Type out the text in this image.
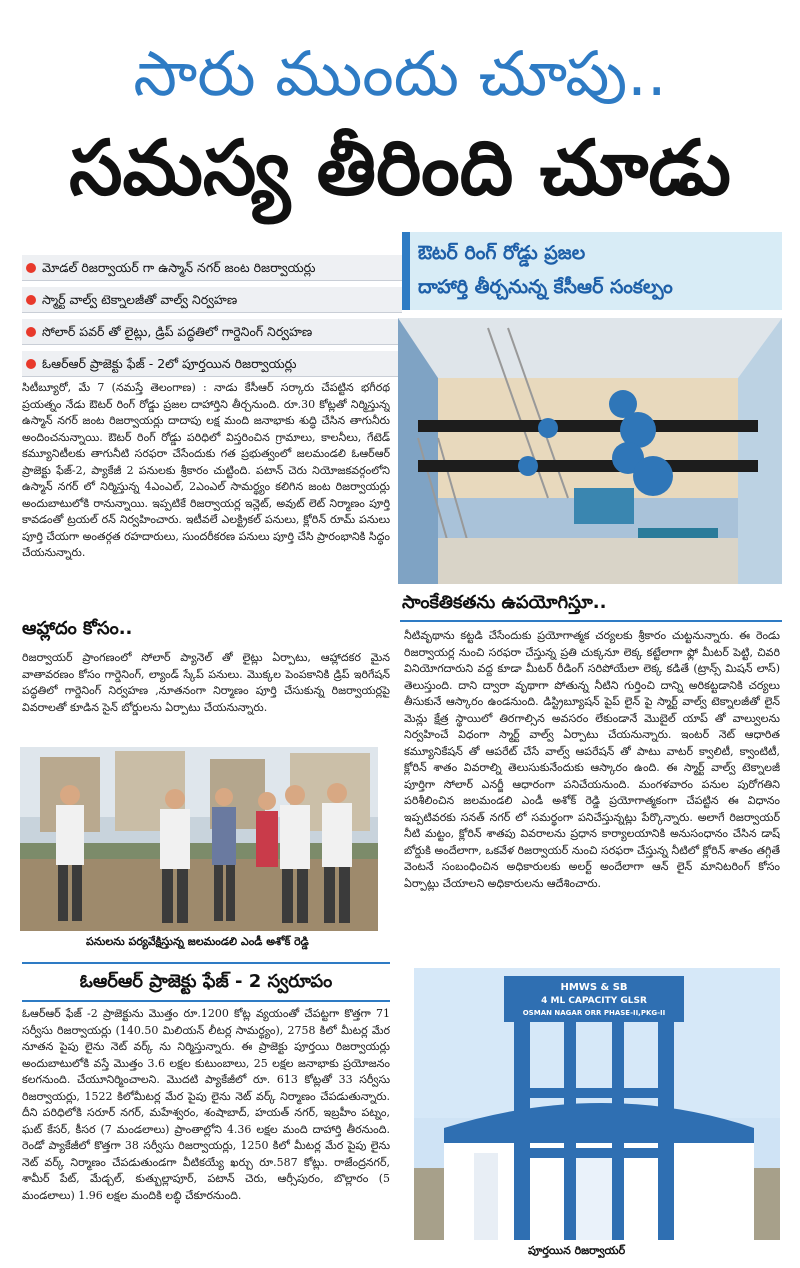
సారు ముందు చూపు..
సమస్య తీరింది చూడు
మోడల్ రిజర్వాయర్ గా ఉస్మాన్ నగర్ జంట రిజర్వాయర్లు
స్మార్ట్ వాల్వ్ టెక్నాలజీతో వాల్వ్ నిర్వహణ
సోలార్ పవర్ తో లైట్లు, డ్రిప్ పద్ధతిలో గార్డెనింగ్ నిర్వహణ
ఓఆర్ఆర్ ప్రాజెక్టు ఫేజ్ - 2లో పూర్తయిన రిజర్వాయర్లు
ఔటర్ రింగ్ రోడ్డు ప్రజల
దాహార్తి తీర్చనున్న కేసీఆర్ సంకల్పం

సిటీబ్యూరో, మే 7 (నమస్తే తెలంగాణ) : నాడు కేసీఆర్ సర్కారు చేపట్టిన భగీరథ ప్రయత్నం నేడు ఔటర్ రింగ్ రోడ్డు ప్రజల దాహార్తిని తీర్చనుంది. రూ.30 కోట్లతో నిర్మిస్తున్న ఉస్మాన్ నగర్ జంట రిజర్వాయర్లు దాదాపు లక్ష మంది జనాభాకు శుద్ధి చేసిన తాగునీరు అందించనున్నాయి. ఔటర్ రింగ్ రోడ్డు పరిధిలో విస్తరించిన గ్రామాలు, కాలనీలు, గేటెడ్ కమ్యూనిటీలకు తాగునీటి సరఫరా చేసేందుకు గత ప్రభుత్వంలో జలమండలి ఓఆర్ఆర్ ప్రాజెక్టు ఫేజ్-2, ప్యాకేజీ 2 పనులకు శ్రీకారం చుట్టింది. పటాన్ చెరు నియోజకవర్గంలోని ఉస్మాన్ నగర్ లో నిర్మిస్తున్న 4ఎంఎల్, 2ఎంఎల్ సామర్థ్యం కలిగిన జంట రిజర్వాయర్లు అందుబాటులోకి రానున్నాయి. ఇప్పటికే రిజర్వాయర్ల ఇన్లెట్, అవుట్ లెట్ నిర్మాణం పూర్తి కావడంతో ట్రయల్ రన్ నిర్వహించారు. ఇటీవలే ఎలక్ట్రికల్ పనులు, క్లోరిన్ రూమ్ పనులు పూర్తి చేయగా అంతర్గత రహదారులు, సుందరీకరణ పనులు పూర్తి చేసి ప్రారంభానికి సిద్ధం చేయనున్నారు.

ఆహ్లాదం కోసం..

రిజర్వాయర్ ప్రాంగణంలో సోలార్ ప్యానెల్ తో లైట్లు ఏర్పాటు, ఆహ్లాదకర మైన వాతావరణం కోసం గార్డెనింగ్, ల్యాండ్ స్కేప్ పనులు. మొక్కల పెంపకానికి డ్రిప్ ఇరిగేషన్ పద్ధతిలో గార్డెనింగ్ నిర్వహణ ,నూతనంగా నిర్మాణం పూర్తి చేసుకున్న రిజర్వాయర్లపై వివరాలతో కూడిన సైన్ బోర్డులను ఏర్పాటు చేయనున్నారు.

పనులను పర్యవేక్షిస్తున్న జలమండలి ఎండీ అశోక్ రెడ్డి
ఓఆర్ఆర్ ప్రాజెక్టు ఫేజ్ - 2 స్వరూపం

ఓఆర్ఆర్ ఫేజ్ -2 ప్రాజెక్టును మొత్తం రూ.1200 కోట్ల వ్యయంతో చేపట్టగా కొత్తగా 71 సర్వీసు రిజర్వాయర్లు (140.50 మిలియన్ లీటర్ల సామర్థ్యం), 2758 కిలో మీటర్ల మేర నూతన పైపు లైను నెట్ వర్క్ ను నిర్మిస్తున్నారు. ఈ ప్రాజెక్టు పూర్తయి రిజర్వాయర్లు అందుబాటులోకి వస్తే మొత్తం 3.6 లక్షల కుటుంబాలు, 25 లక్షల జనాభాకు ప్రయోజనం కలగనుంది. చేయూనిర్మించాలని. మొదటి ప్యాకేజీలో రూ. 613 కోట్లతో 33 సర్వీసు రిజర్వాయర్లు, 1522 కిలోమీటర్ల మేర పైపు లైను నెట్ వర్క్ నిర్మాణం చేపడుతున్నారు. దీని పరిధిలోకి సరూర్ నగర్, మహేశ్వరం, శంషాబాద్, హయత్ నగర్, ఇబ్రహీం పట్నం, ఘట్ కేసర్, కీసర (7 మండలాలు) ప్రాంతాల్లోని 4.36 లక్షల మంది దాహార్తి తీరనుంది. రెండో ప్యాకేజీలో కొత్తగా 38 సర్వీసు రిజర్వాయర్లు, 1250 కిలో మీటర్ల మేర పైపు లైను నెట్ వర్క్ నిర్మాణం చేపడుతుండగా వీటికయ్యే ఖర్చు రూ.587 కోట్లు. రాజేంద్రనగర్, శామీర్ పేట్, మేడ్చల్, కుత్బుల్లాపూర్, పటాన్ చెరు, ఆర్సీపురం, బొల్లారం (5 మండలాలు) 1.96 లక్షల మందికి లబ్ధి చేకూరనుంది.

సాంకేతికతను ఉపయోగిస్తూ..

నీటివృథాను కట్టడి చేసేందుకు ప్రయోగాత్మక చర్యలకు శ్రీకారం చుట్టనున్నారు. ఈ రెండు రిజర్వాయర్ల నుంచి సరఫరా చేస్తున్న ప్రతి చుక్కనూ లెక్క కట్టేలాగా ఫ్లో మీటర్ పెట్టి, చివరి వినియోగదారుని వద్ద కూడా మీటర్ రీడింగ్ సరిపోయేలా లెక్క కడితే (ట్రాన్స్ మిషన్ లాస్) తెలుస్తుంది. దాని ద్వారా వృథాగా పోతున్న నీటిని గుర్తించి దాన్ని అరికట్టడానికి చర్యలు తీసుకునే ఆస్కారం ఉండనుంది. డిస్ట్రిబ్యూషన్ పైప్ లైన్ పై స్మార్ట్ వాల్వ్ టెక్నాలజీతో లైన్ మెన్లు క్షేత్ర స్థాయిలో తిరగాల్సిన అవసరం లేకుండానే మొబైల్ యాప్ తో వాల్వులను నిర్వహించే విధంగా స్మార్ట్ వాల్వ్ ఏర్పాటు చేయనున్నారు. ఇంటర్ నెట్ ఆధారిత కమ్యూనికేషన్ తో ఆపరేట్ చేసే వాల్వ్ ఆపరేషన్ తో పాటు వాటర్ క్వాలిటీ, క్వాంటిటీ, క్లోరిన్ శాతం వివరాల్ని తెలుసుకునేందుకు ఆస్కారం ఉంది. ఈ స్మార్ట్ వాల్వ్ టెక్నాలజీ పూర్తిగా సోలార్ ఎనర్జీ ఆధారంగా పనిచేయనుంది. మంగళవారం పనుల పురోగతిని పరిశీలించిన జలమండలి ఎండీ అశోక్ రెడ్డి ప్రయోగాత్మకంగా చేపట్టిన ఈ విధానం ఇప్పటివరకు సనత్ నగర్ లో సమర్థంగా పనిచేస్తున్నట్లు పేర్కొన్నారు. అలాగే రిజర్వాయర్ నీటి మట్టం, క్లోరిన్ శాతపు వివరాలను ప్రధాన కార్యాలయానికి అనుసంధానం చేసిన డాష్ బోర్డుకి అందేలాగా, ఒకవేళ రిజర్వాయర్ నుంచి సరఫరా చేస్తున్న నీటిలో క్లోరిన్ శాతం తగ్గితే వెంటనే సంబంధించిన అధికారులకు అలర్ట్ అందేలాగా ఆన్ లైన్ మానిటరింగ్ కోసం ఏర్పాట్లు చేయాలని అధికారులను ఆదేశించారు.

HMWS & SB
4 ML CAPACITY GLSR
OSMAN NAGAR ORR PHASE-II,PKG-II
పూర్తయిన రిజర్వాయర్
